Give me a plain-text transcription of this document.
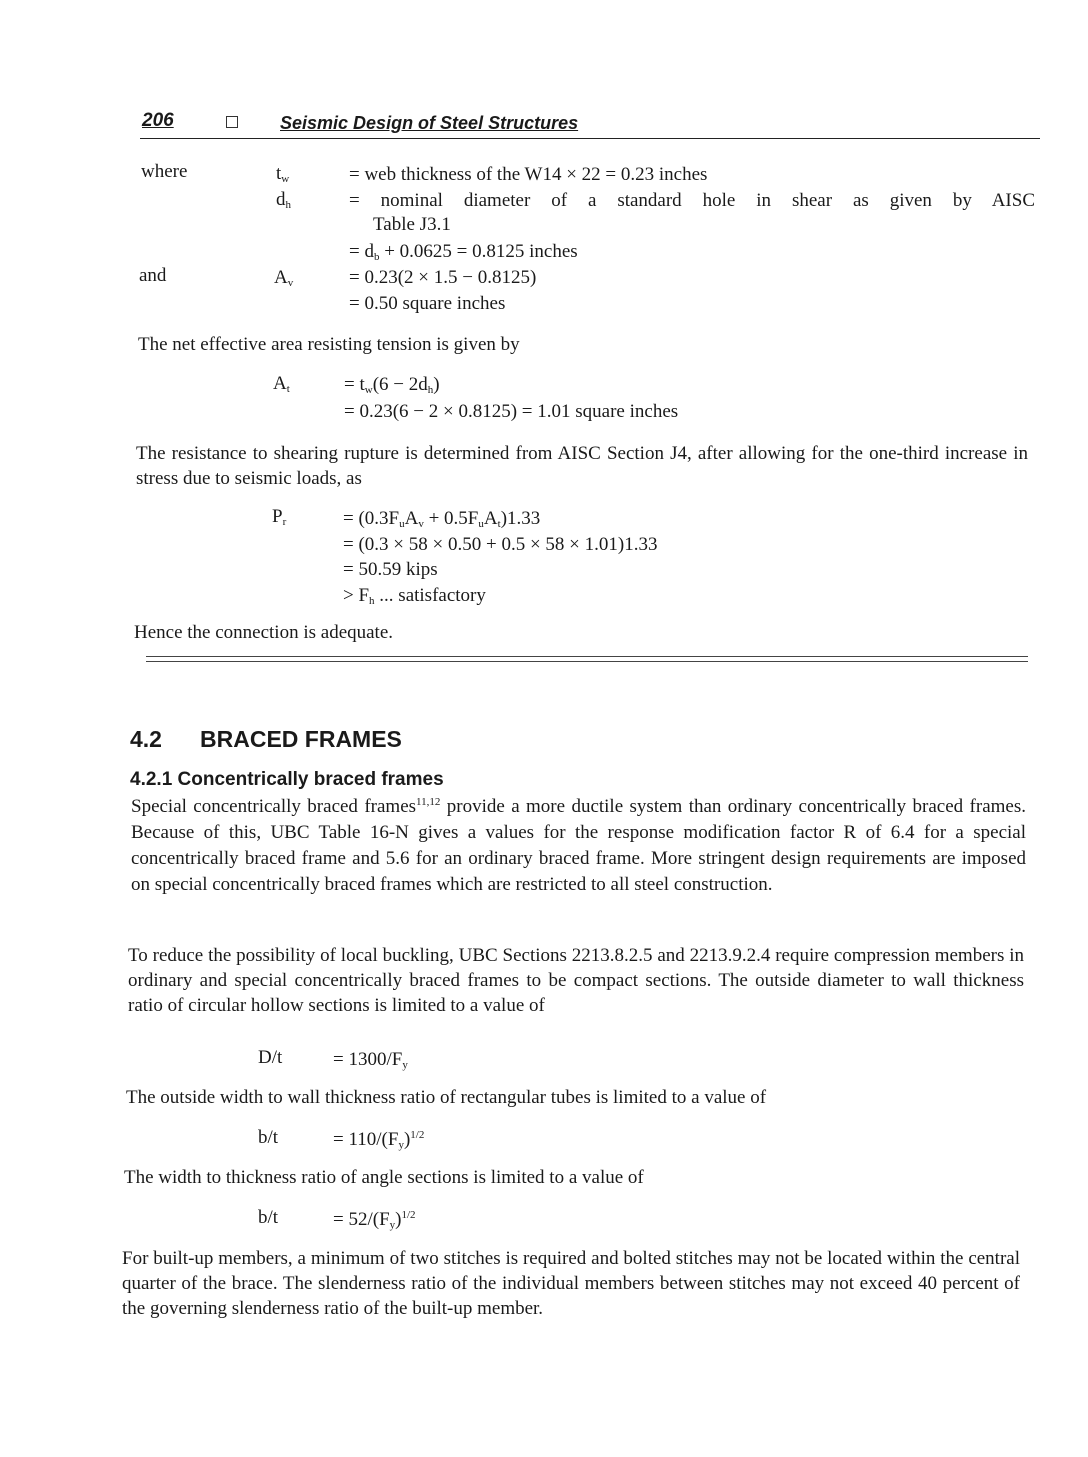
206	Seismic Design of Steel Structures
where	$t_w$	= web thickness of the W14 × 22 = 0.23 inches
$d_h$	= nominal diameter of a standard hole in shear as given by AISC
Table J3.1
= $d_b + 0.0625 = 0.8125$ inches
and	$A_v$	= 0.23(2 × 1.5 − 0.8125)
= 0.50 square inches
The net effective area resisting tension is given by
$A_t$	= $t_w(6 - 2d_h)$
= 0.23(6 − 2 × 0.8125) = 1.01 square inches
The resistance to shearing rupture is determined from AISC Section J4, after allowing for the one-third increase in stress due to seismic loads, as
$P_r$	= $(0.3F_uA_v + 0.5F_uA_t)1.33$
= (0.3 × 58 × 0.50 + 0.5 × 58 × 1.01)1.33
= 50.59 kips
> $F_h$ ... satisfactory
Hence the connection is adequate.
4.2 BRACED FRAMES
4.2.1 Concentrically braced frames
Special concentrically braced frames$^{11,12}$ provide a more ductile system than ordinary concentrically braced frames. Because of this, UBC Table 16-N gives a values for the response modification factor R of 6.4 for a special concentrically braced frame and 5.6 for an ordinary braced frame. More stringent design requirements are imposed on special concentrically braced frames which are restricted to all steel construction.
To reduce the possibility of local buckling, UBC Sections 2213.8.2.5 and 2213.9.2.4 require compression members in ordinary and special concentrically braced frames to be compact sections. The outside diameter to wall thickness ratio of circular hollow sections is limited to a value of
D/t	= $1300/F_y$
The outside width to wall thickness ratio of rectangular tubes is limited to a value of
b/t	= $110/(F_y)^{1/2}$
The width to thickness ratio of angle sections is limited to a value of
b/t	= $52/(F_y)^{1/2}$
For built-up members, a minimum of two stitches is required and bolted stitches may not be located within the central quarter of the brace. The slenderness ratio of the individual members between stitches may not exceed 40 percent of the governing slenderness ratio of the built-up member.
